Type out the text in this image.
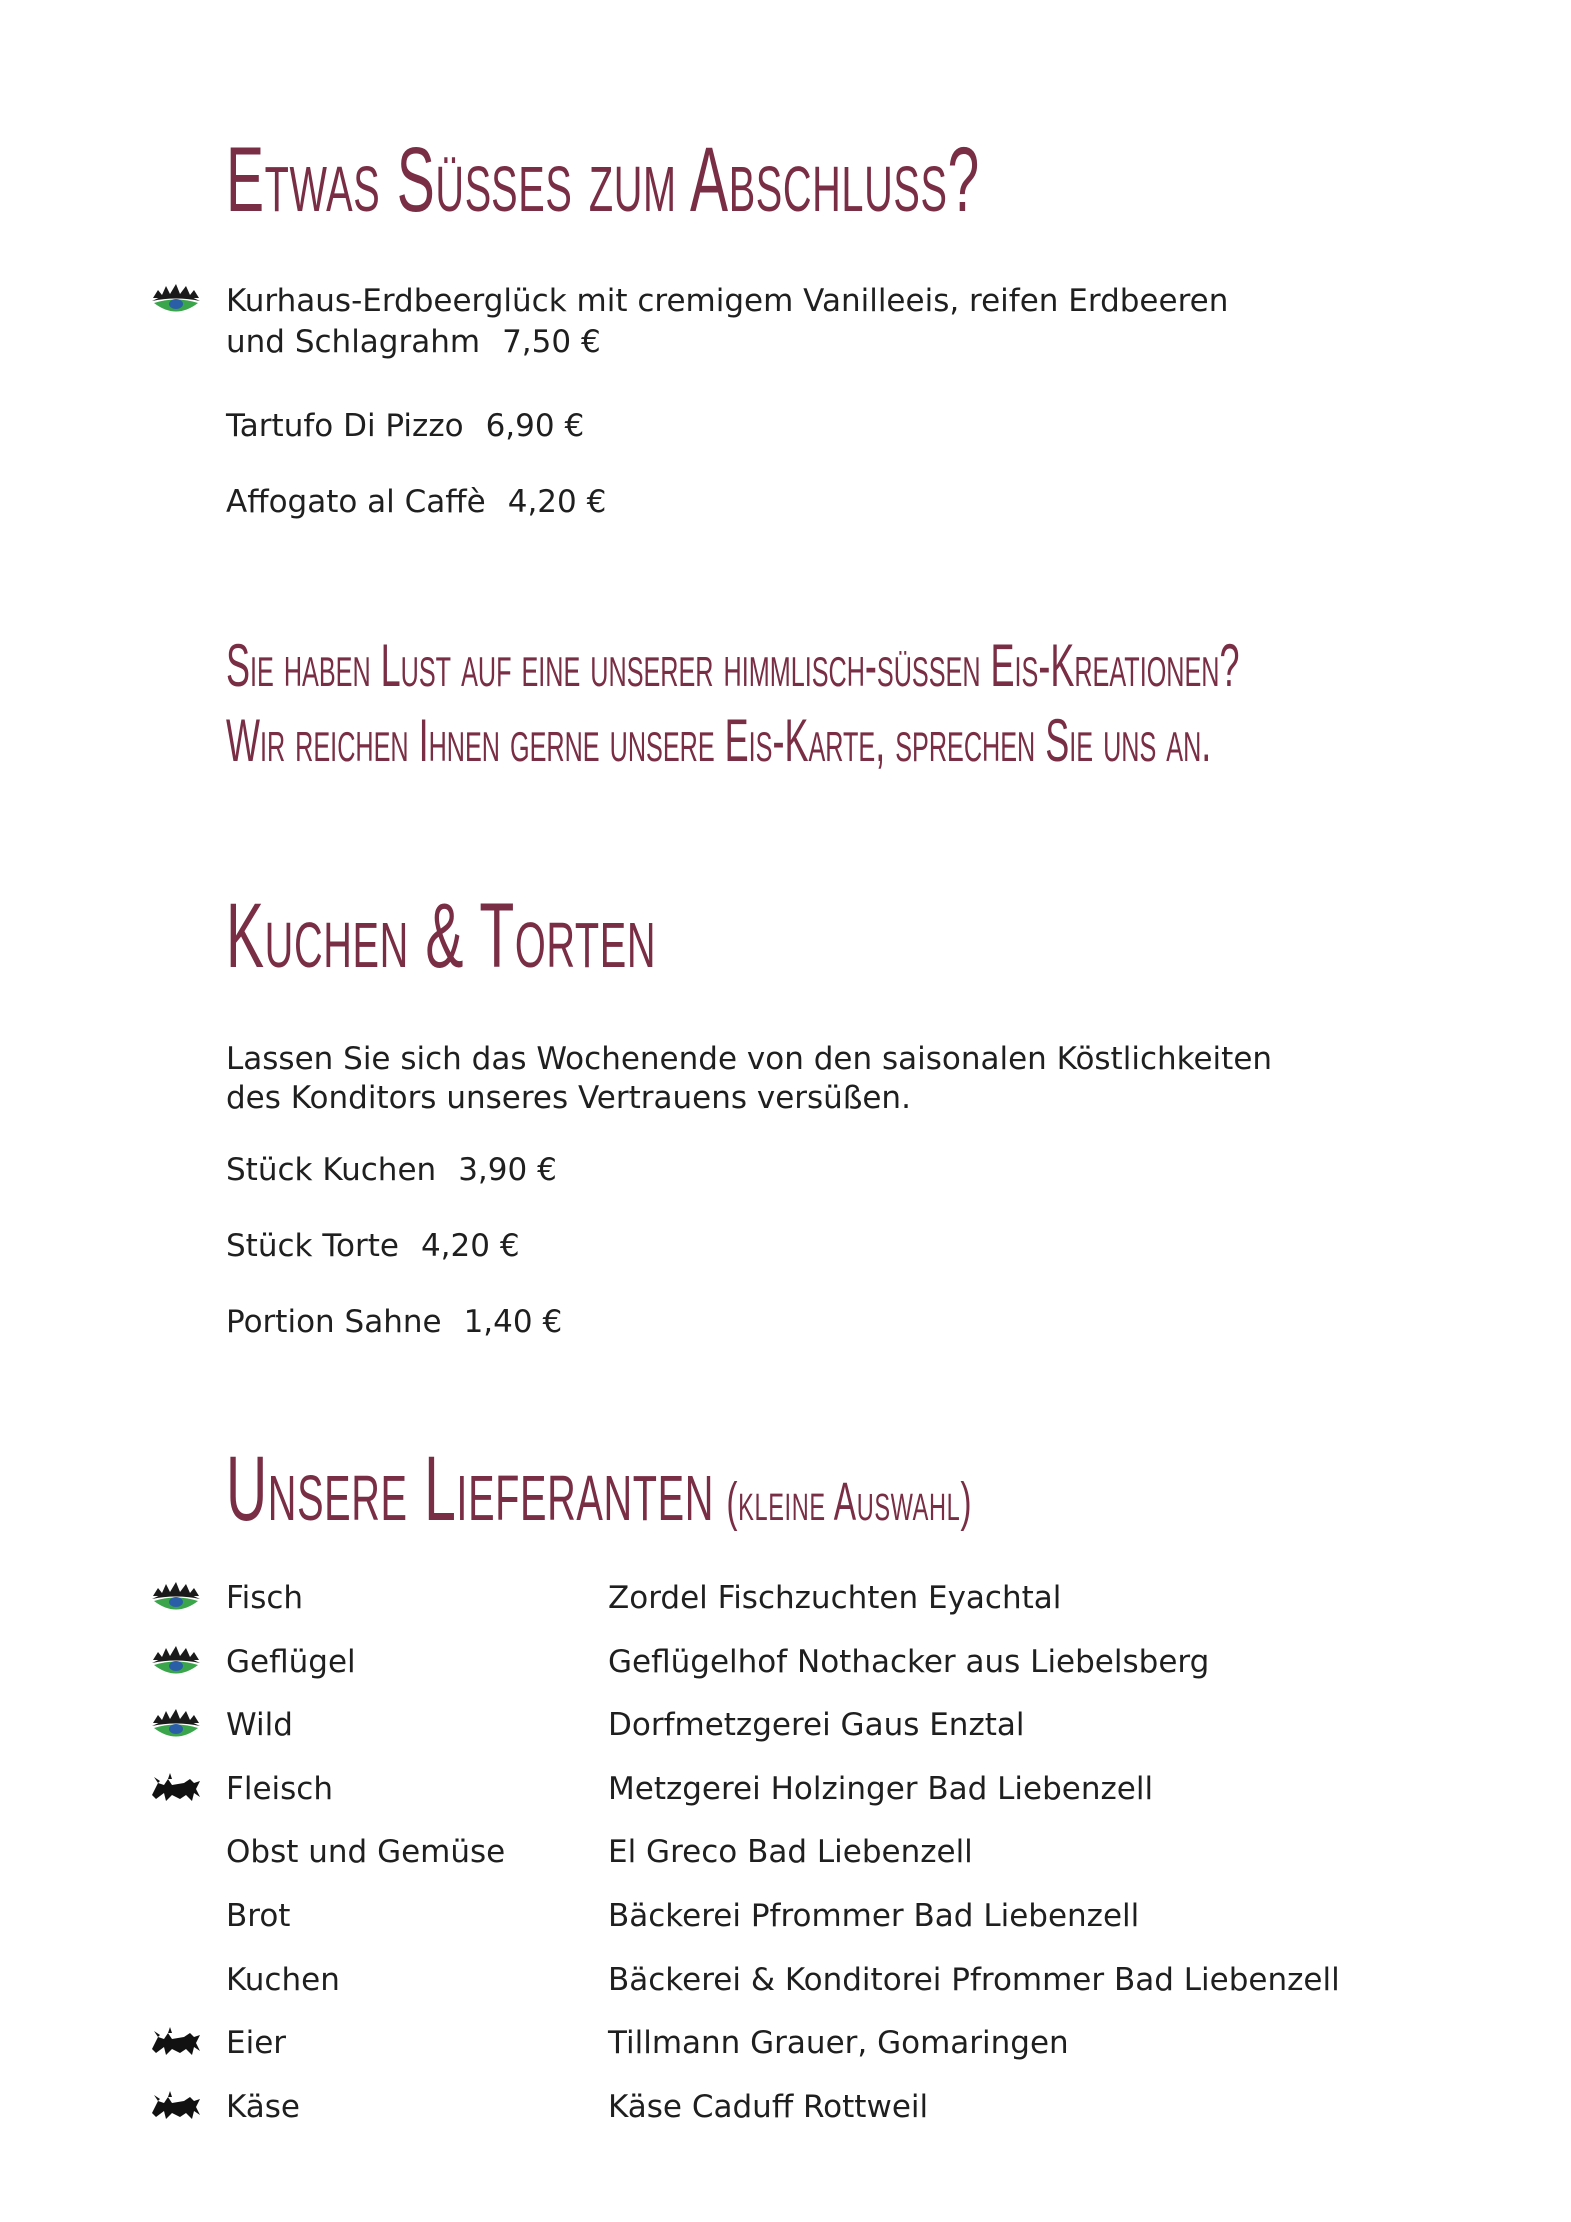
Etwas Süßes zum Abschluss?
Kurhaus-Erdbeerglück mit cremigem Vanilleeis, reifen Erdbeeren
und Schlagrahm 7,50 €
Tartufo Di Pizzo 6,90 €
Affogato al Caffè 4,20 €
Sie haben Lust auf eine unserer himmlisch-süßen Eis-Kreationen?
Wir reichen Ihnen gerne unsere Eis-Karte, sprechen Sie uns an.
Kuchen & Torten
Lassen Sie sich das Wochenende von den saisonalen Köstlichkeiten
des Konditors unseres Vertrauens versüßen.
Stück Kuchen 3,90 €
Stück Torte 4,20 €
Portion Sahne 1,40 €
Unsere Lieferanten (kleine Auswahl)
Fisch	Zordel Fischzuchten Eyachtal
Geflügel	Geflügelhof Nothacker aus Liebelsberg
Wild	Dorfmetzgerei Gaus Enztal
Fleisch	Metzgerei Holzinger Bad Liebenzell
Obst und Gemüse	El Greco Bad Liebenzell
Brot	Bäckerei Pfrommer Bad Liebenzell
Kuchen	Bäckerei & Konditorei Pfrommer Bad Liebenzell
Eier	Tillmann Grauer, Gomaringen
Käse	Käse Caduff Rottweil
